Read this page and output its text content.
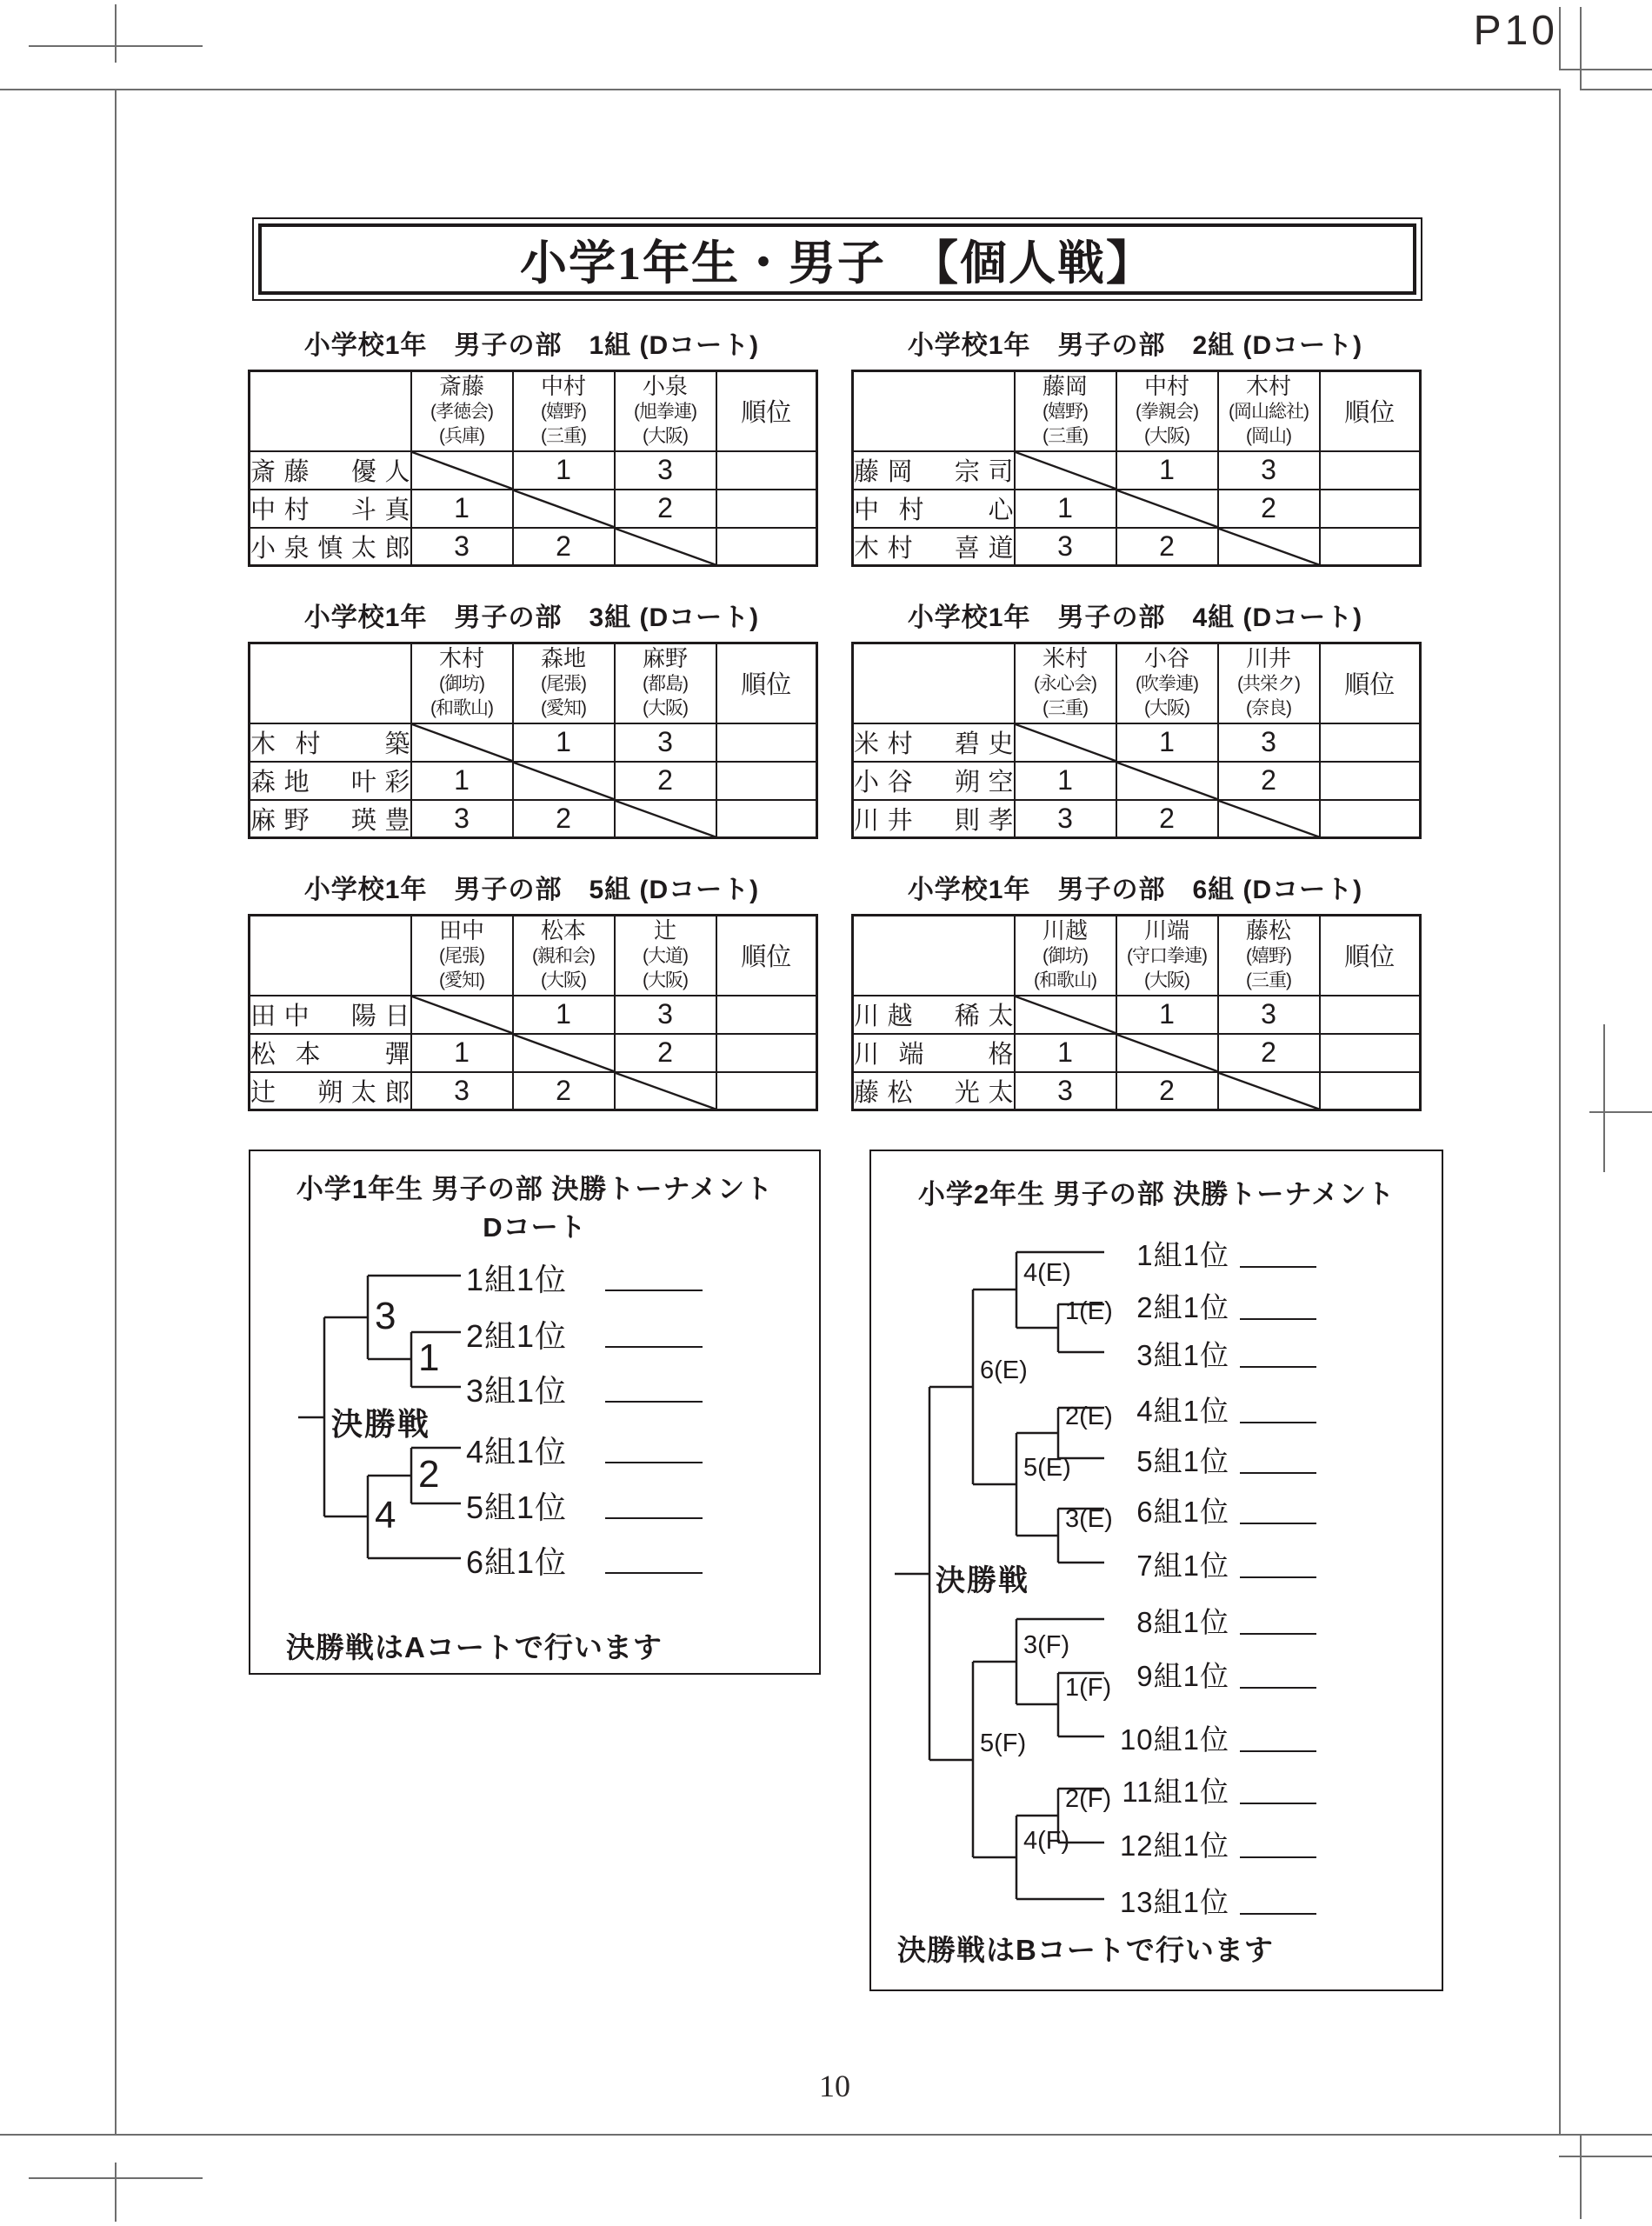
P10
小学1年生・男子　【個人戦】
小学校1年　男子の部　1組 (Dコート)

	斎藤
(孝徳会)
(兵庫)	中村
(嬉野)
(三重)	小泉
(旭拳連)
(大阪)	順位
斎藤　優人		1	3	
中村　斗真	1		2	
小泉慎太郎	3	2	

小学校1年　男子の部　2組 (Dコート)

	藤岡
(嬉野)
(三重)	中村
(拳親会)
(大阪)	木村
(岡山総社)
(岡山)	順位
藤岡　宗司		1	3	
中村　心	1		2	
木村　喜道	3	2	

小学校1年　男子の部　3組 (Dコート)

	木村
(御坊)
(和歌山)	森地
(尾張)
(愛知)	麻野
(都島)
(大阪)	順位
木村　築		1	3	
森地　叶彩	1		2	
麻野　瑛豊	3	2	

小学校1年　男子の部　4組 (Dコート)

	米村
(永心会)
(三重)	小谷
(吹拳連)
(大阪)	川井
(共栄ク)
(奈良)	順位
米村　碧史		1	3	
小谷　朔空	1		2	
川井　則孝	3	2	

小学校1年　男子の部　5組 (Dコート)

	田中
(尾張)
(愛知)	松本
(親和会)
(大阪)	辻
(大道)
(大阪)	順位
田中　陽日		1	3	
松本　彈	1		2	
辻　朔太郎	3	2	

小学校1年　男子の部　6組 (Dコート)

	川越
(御坊)
(和歌山)	川端
(守口拳連)
(大阪)	藤松
(嬉野)
(三重)	順位
川越　稀太		1	3	
川端　格	1		2	
藤松　光太	3	2	

小学1年生 男子の部 決勝トーナメント
Dコート
1組1位
2組1位
3組1位
4組1位
5組1位
6組1位
3
1
2
4
決勝戦
決勝戦はAコートで行います
小学2年生 男子の部 決勝トーナメント
1組1位
2組1位
3組1位
4組1位
5組1位
6組1位
7組1位
8組1位
9組1位
10組1位
11組1位
12組1位
13組1位
4(E)
1(E)
6(E)
2(E)
5(E)
3(E)
3(F)
1(F)
5(F)
2(F)
4(F)
決勝戦
決勝戦はBコートで行います
10
